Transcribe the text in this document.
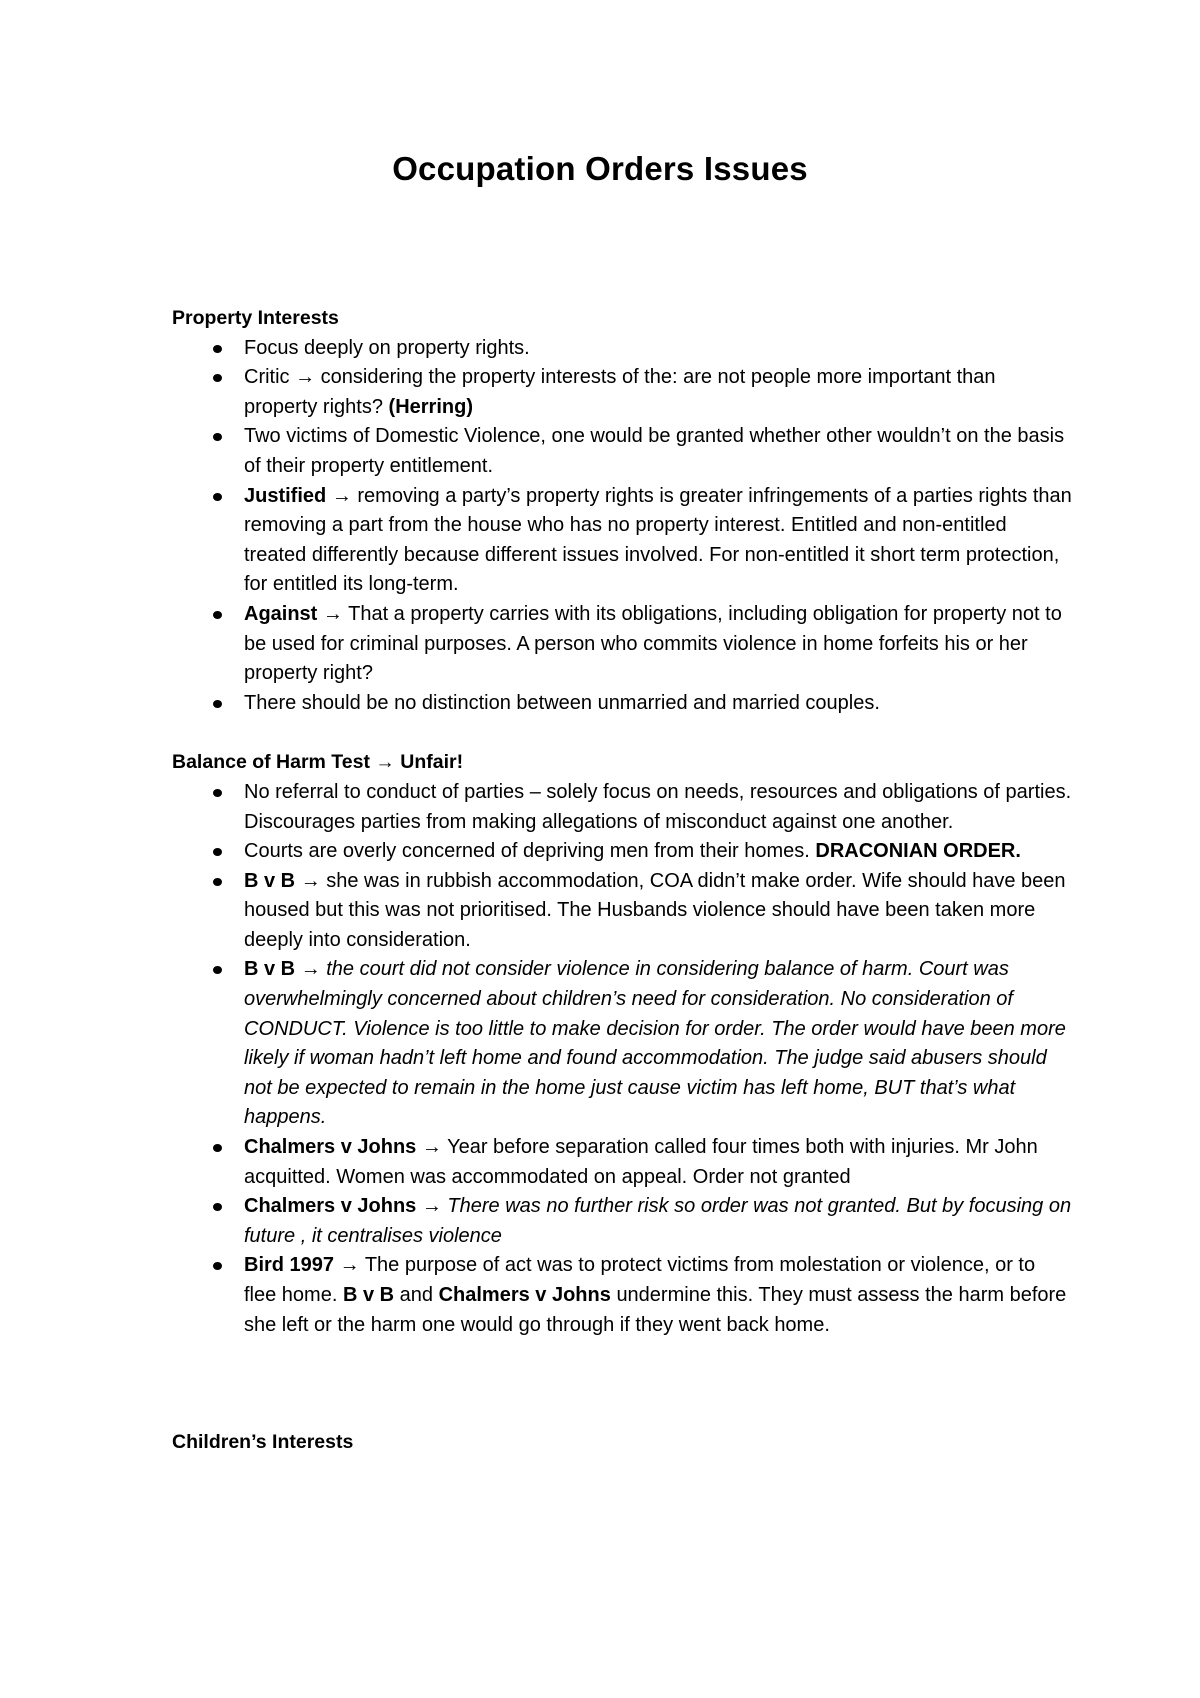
Occupation Orders Issues

Property Interests

Focus deeply on property rights.
Critic → considering the property interests of the: are not people more important than property rights? (Herring)
Two victims of Domestic Violence, one would be granted whether other wouldn’t on the basis of their property entitlement.
Justified → removing a party’s property rights is greater infringements of a parties rights than removing a part from the house who has no property interest. Entitled and non-entitled treated differently because different issues involved. For non-entitled it short term protection, for entitled its long-term.
Against → That a property carries with its obligations, including obligation for property not to be used for criminal purposes. A person who commits violence in home forfeits his or her property right?
There should be no distinction between unmarried and married couples.

Balance of Harm Test → Unfair!

No referral to conduct of parties – solely focus on needs, resources and obligations of parties. Discourages parties from making allegations of misconduct against one another.
Courts are overly concerned of depriving men from their homes. DRACONIAN ORDER.
B v B → she was in rubbish accommodation, COA didn’t make order. Wife should have been housed but this was not prioritised. The Husbands violence should have been taken more deeply into consideration.
B v B → the court did not consider violence in considering balance of harm. Court was overwhelmingly concerned about children’s need for consideration. No consideration of CONDUCT. Violence is too little to make decision for order. The order would have been more likely if woman hadn’t left home and found accommodation. The judge said abusers should not be expected to remain in the home just cause victim has left home, BUT that’s what happens.
Chalmers v Johns → Year before separation called four times both with injuries. Mr John acquitted. Women was accommodated on appeal. Order not granted
Chalmers v Johns → There was no further risk so order was not granted. But by focusing on future , it centralises violence
Bird 1997 → The purpose of act was to protect victims from molestation or violence, or to flee home. B v B and Chalmers v Johns undermine this. They must assess the harm before she left or the harm one would go through if they went back home.

Children’s Interests
